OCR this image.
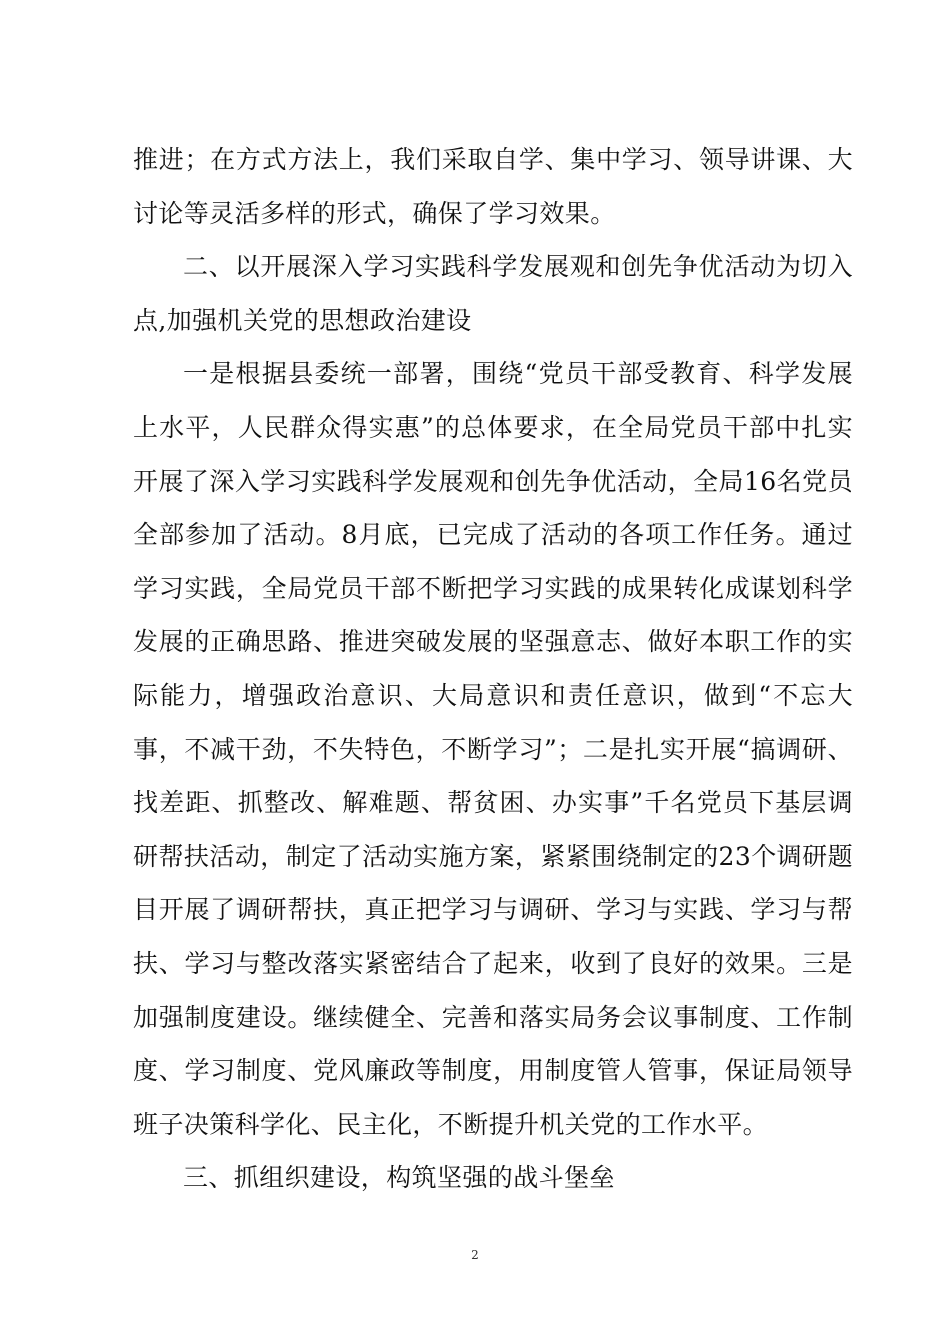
推进；在方式方法上，我们采取自学、集中学习、领导讲课、大讨论等灵活多样的形式，确保了学习效果。

二、以开展深入学习实践科学发展观和创先争优活动为切入点,加强机关党的思想政治建设

一是根据县委统一部署，围绕“党员干部受教育、科学发展上水平，人民群众得实惠”的总体要求，在全局党员干部中扎实开展了深入学习实践科学发展观和创先争优活动，全局16名党员全部参加了活动。8月底，已完成了活动的各项工作任务。通过学习实践，全局党员干部不断把学习实践的成果转化成谋划科学发展的正确思路、推进突破发展的坚强意志、做好本职工作的实际能力，增强政治意识、大局意识和责任意识，做到“不忘大事，不减干劲，不失特色，不断学习”；二是扎实开展“搞调研、找差距、抓整改、解难题、帮贫困、办实事”千名党员下基层调研帮扶活动，制定了活动实施方案，紧紧围绕制定的23个调研题目开展了调研帮扶，真正把学习与调研、学习与实践、学习与帮扶、学习与整改落实紧密结合了起来，收到了良好的效果。三是加强制度建设。继续健全、完善和落实局务会议事制度、工作制度、学习制度、党风廉政等制度，用制度管人管事，保证局领导班子决策科学化、民主化，不断提升机关党的工作水平。

三、抓组织建设，构筑坚强的战斗堡垒

2
